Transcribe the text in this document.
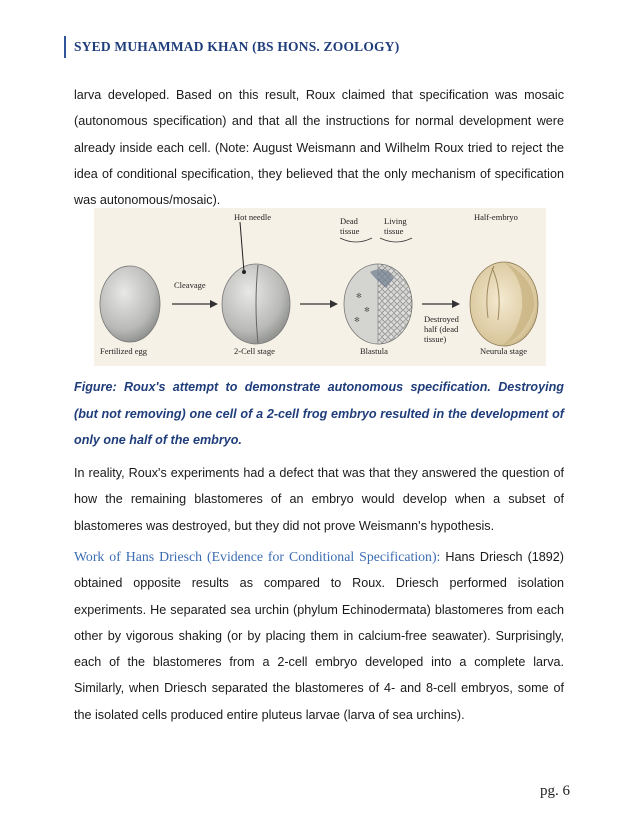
SYED MUHAMMAD KHAN (BS HONS. ZOOLOGY)

larva developed. Based on this result, Roux claimed that specification was mosaic (autonomous specification) and that all the instructions for normal development were already inside each cell. (Note: August Weismann and Wilhelm Roux tried to reject the idea of conditional specification, they believed that the only mechanism of specification was autonomous/mosaic).

Fertilized egg
Cleavage
Hot needle
2-Cell stage
✻
✻
✻
Dead
tissue
Living
tissue
Blastula
Half-embryo
Destroyed
half (dead
tissue)
Neurula stage

Figure: Roux's attempt to demonstrate autonomous specification. Destroying (but not removing) one cell of a 2-cell frog embryo resulted in the development of only one half of the embryo.

In reality, Roux's experiments had a defect that was that they answered the question of how the remaining blastomeres of an embryo would develop when a subset of blastomeres was destroyed, but they did not prove Weismann's hypothesis.

Work of Hans Driesch (Evidence for Conditional Specification): Hans Driesch (1892) obtained opposite results as compared to Roux. Driesch performed isolation experiments. He separated sea urchin (phylum Echinodermata) blastomeres from each other by vigorous shaking (or by placing them in calcium-free seawater). Surprisingly, each of the blastomeres from a 2-cell embryo developed into a complete larva. Similarly, when Driesch separated the blastomeres of 4- and 8-cell embryos, some of the isolated cells produced entire pluteus larvae (larva of sea urchins).

pg. 6
